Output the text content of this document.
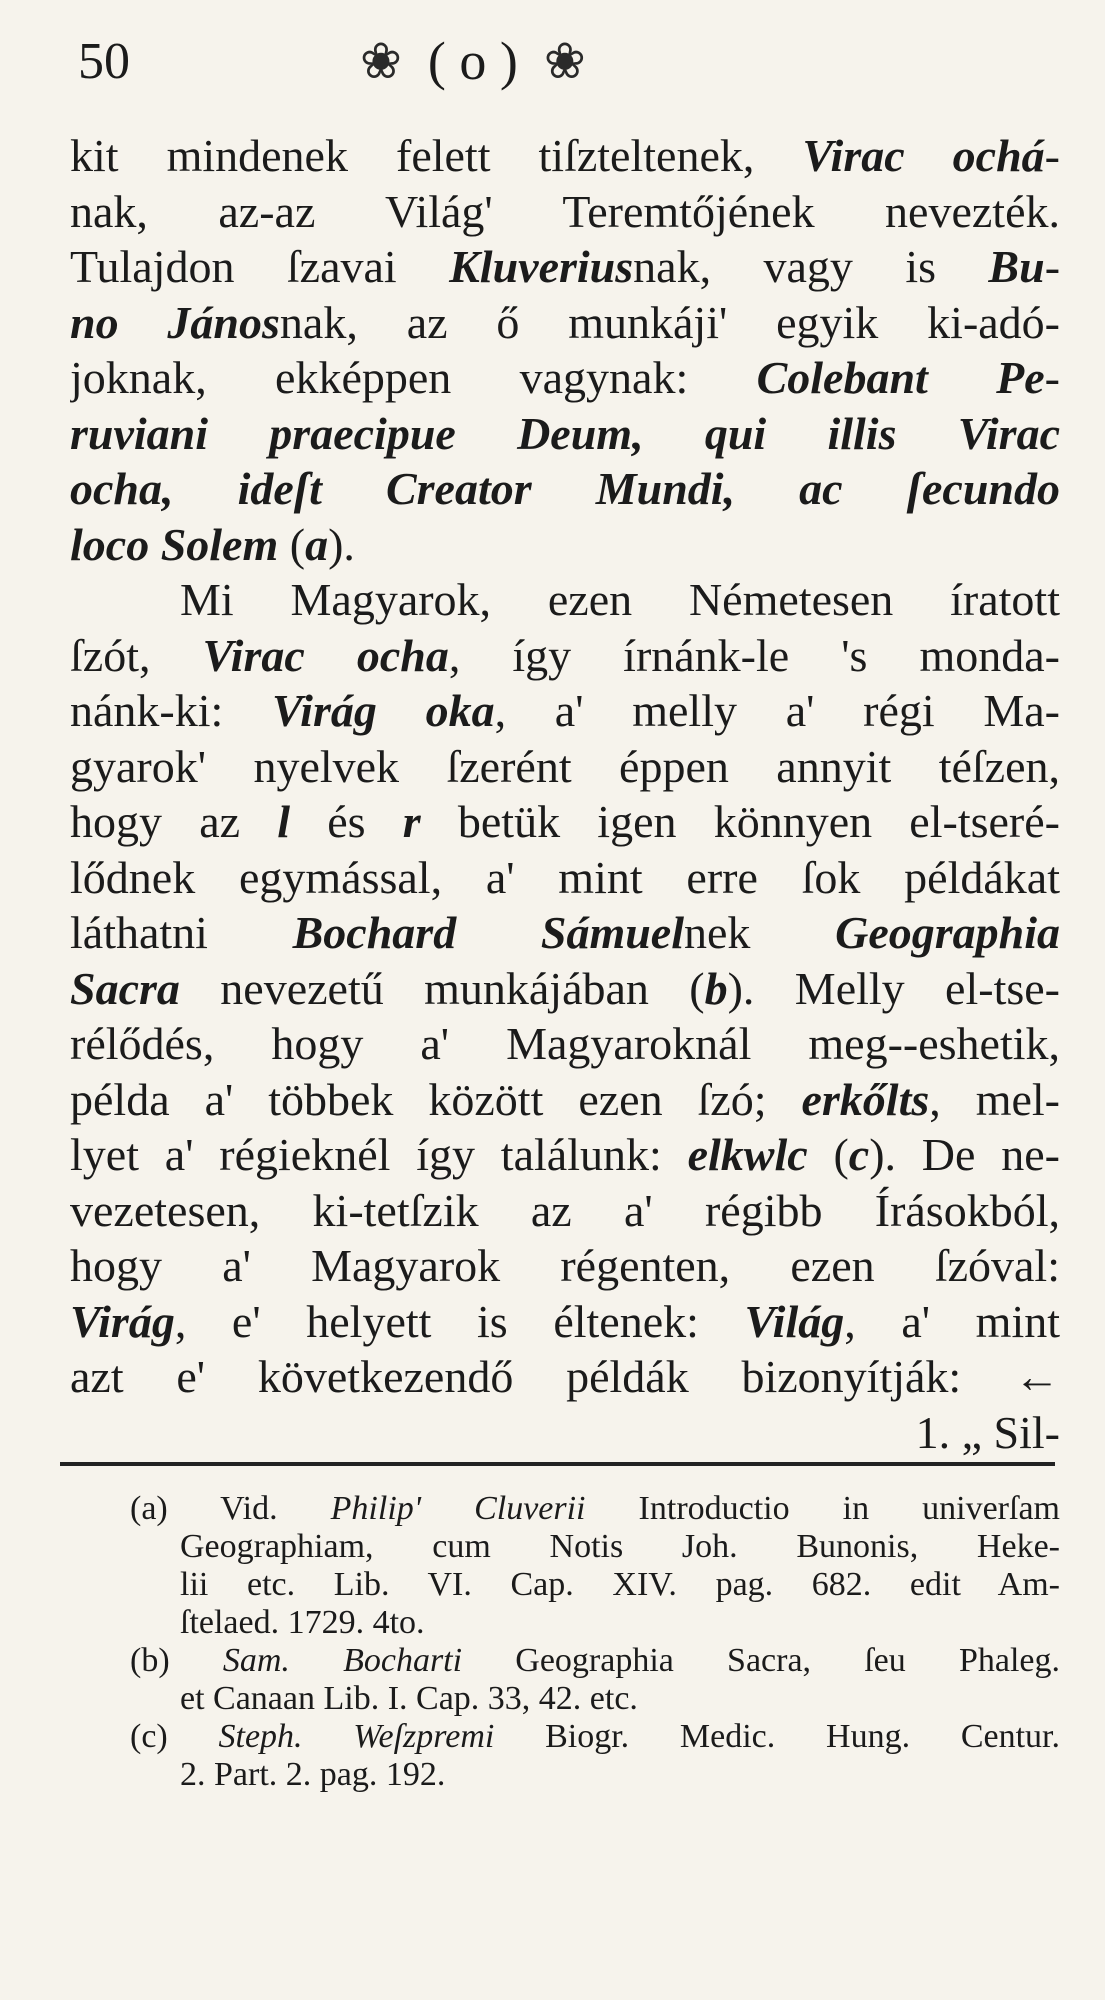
50	❀ ( o ) ❀
kit mindenek felett tiſzteltenek, Virac ochá-
nak, az-az Világ' Teremtőjének nevezték.
Tulajdon ſzavai Kluveriusnak, vagy is Bu-
no Jánosnak, az ő munkáji' egyik ki-adó-
joknak, ekképpen vagynak: Colebant Pe-
ruviani praecipue Deum, qui illis Virac
ocha, ideſt Creator Mundi, ac ſecundo
loco Solem (a).
Mi Magyarok, ezen Németesen íratott
ſzót, Virac ocha, így írnánk-le 's monda-
nánk-ki: Virág oka, a' melly a' régi Ma-
gyarok' nyelvek ſzerént éppen annyit téſzen,
hogy az l és r betük igen könnyen el-tseré-
lődnek egymással, a' mint erre ſok példákat
láthatni Bochard Sámuelnek Geographia
Sacra nevezetű munkájában (b). Melly el-tse-
rélődés, hogy a' Magyaroknál meg--eshetik,
példa a' többek között ezen ſzó; erkőlts, mel-
lyet a' régieknél így találunk: elkwlc (c). De ne-
vezetesen, ki-tetſzik az a' régibb Írásokból,
hogy a' Magyarok régenten, ezen ſzóval:
Virág, e' helyett is éltenek: Világ, a' mint
azt e' következendő példák bizonyítják: ←
1. „ Sil-
(a) Vid. Philip' Cluverii Introductio in univerſam
Geographiam, cum Notis Joh. Bunonis, Heke-
lii etc. Lib. VI. Cap. XIV. pag. 682. edit Am-
ſtelaed. 1729. 4to.
(b) Sam. Bocharti Geographia Sacra, ſeu Phaleg.
et Canaan Lib. I. Cap. 33, 42. etc.
(c) Steph. Weſzpremi Biogr. Medic. Hung. Centur.
2. Part. 2. pag. 192.
